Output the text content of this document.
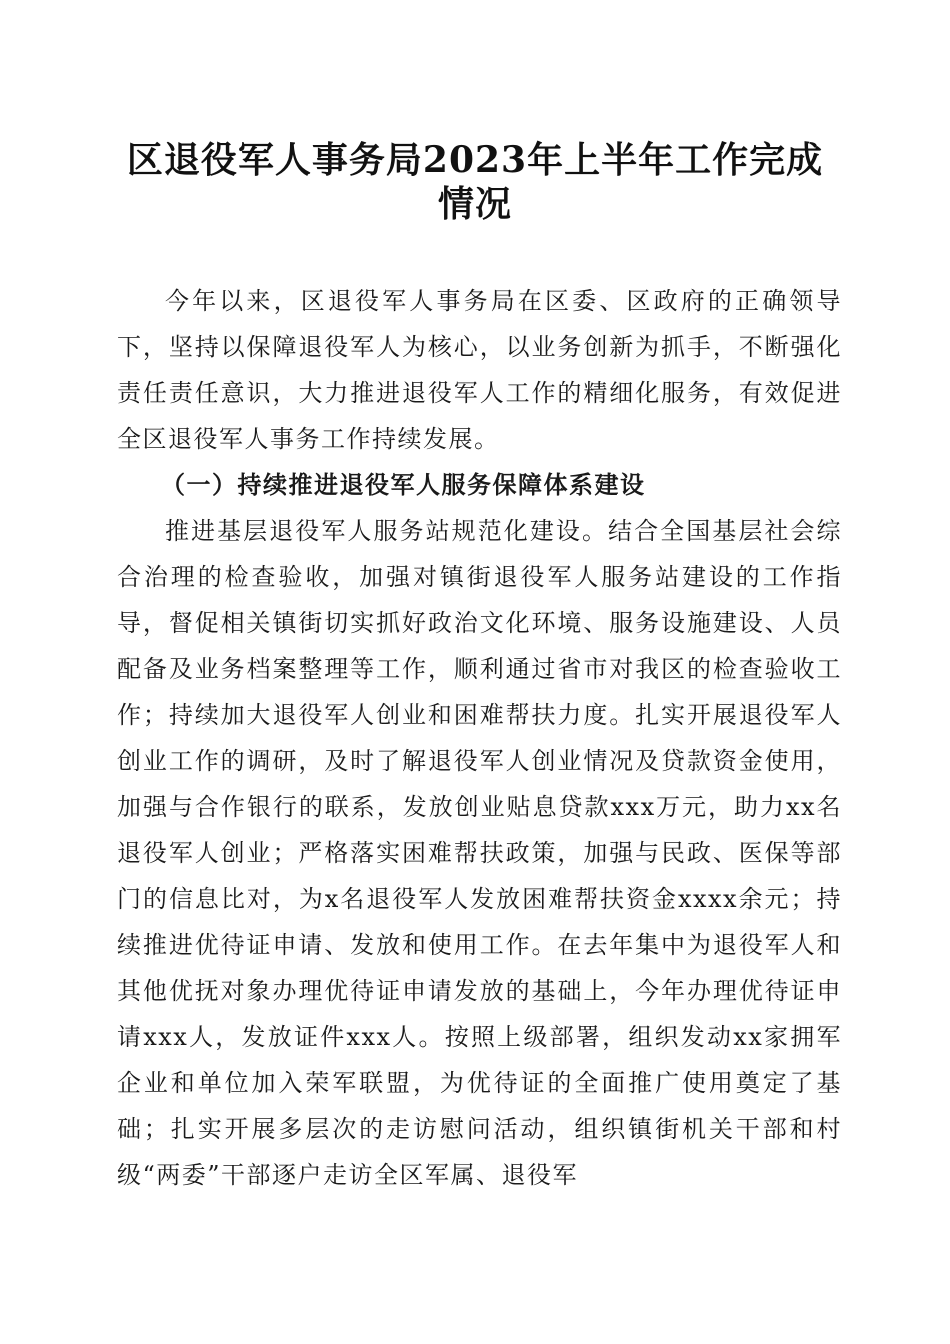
区退役军人事务局2023年上半年工作完成情况

今年以来，区退役军人事务局在区委、区政府的正确领导下，坚持以保障退役军人为核心，以业务创新为抓手，不断强化责任责任意识，大力推进退役军人工作的精细化服务，有效促进全区退役军人事务工作持续发展。

（一）持续推进退役军人服务保障体系建设

推进基层退役军人服务站规范化建设。结合全国基层社会综合治理的检查验收，加强对镇街退役军人服务站建设的工作指导，督促相关镇街切实抓好政治文化环境、服务设施建设、人员配备及业务档案整理等工作，顺利通过省市对我区的检查验收工作；持续加大退役军人创业和困难帮扶力度。扎实开展退役军人创业工作的调研，及时了解退役军人创业情况及贷款资金使用，加强与合作银行的联系，发放创业贴息贷款xxx万元，助力xx名退役军人创业；严格落实困难帮扶政策，加强与民政、医保等部门的信息比对，为x名退役军人发放困难帮扶资金xxxx余元；持续推进优待证申请、发放和使用工作。在去年集中为退役军人和其他优抚对象办理优待证申请发放的基础上，今年办理优待证申请xxx人，发放证件xxx人。按照上级部署，组织发动xx家拥军企业和单位加入荣军联盟，为优待证的全面推广使用奠定了基础；扎实开展多层次的走访慰问活动，组织镇街机关干部和村级“两委”干部逐户走访全区军属、退役军
